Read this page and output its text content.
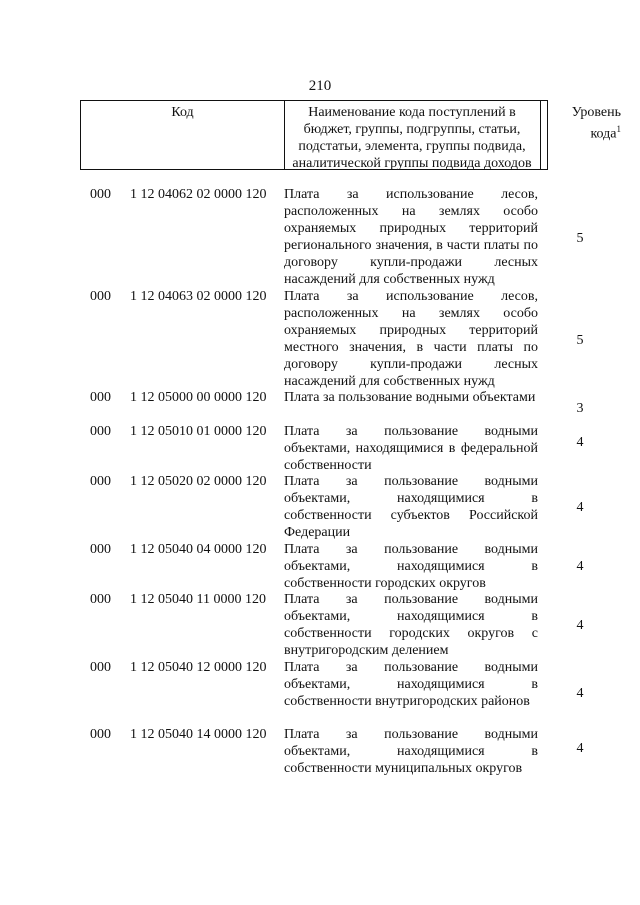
210
Код	Наименование кода поступлений в бюджет, группы, подгруппы, статьи, подстатьи, элемента, группы подвида, аналитической группы подвида доходов
Уровень кода$^1$
000	1 12 04062 02 0000 120	Плата за использование лесов, расположенных на землях особо охраняемых природных территорий регионального значения, в части платы по договору купли-продажи лесных насаждений для собственных нужд
5
000	1 12 04063 02 0000 120	Плата за использование лесов, расположенных на землях особо охраняемых природных территорий местного значения, в части платы по договору купли-продажи лесных насаждений для собственных нужд
5
000	1 12 05000 00 0000 120	Плата за пользование водными объектами
3
000	1 12 05010 01 0000 120	Плата за пользование водными объектами, находящимися в федеральной собственности
4
000	1 12 05020 02 0000 120	Плата за пользование водными объектами, находящимися в собственности субъектов Российской Федерации
4
000	1 12 05040 04 0000 120	Плата за пользование водными объектами, находящимися в собственности городских округов
4
000	1 12 05040 11 0000 120	Плата за пользование водными объектами, находящимися в собственности городских округов с внутригородским делением
4
000	1 12 05040 12 0000 120	Плата за пользование водными объектами, находящимися в собственности внутригородских районов
4
000	1 12 05040 14 0000 120	Плата за пользование водными объектами, находящимися в собственности муниципальных округов
4
